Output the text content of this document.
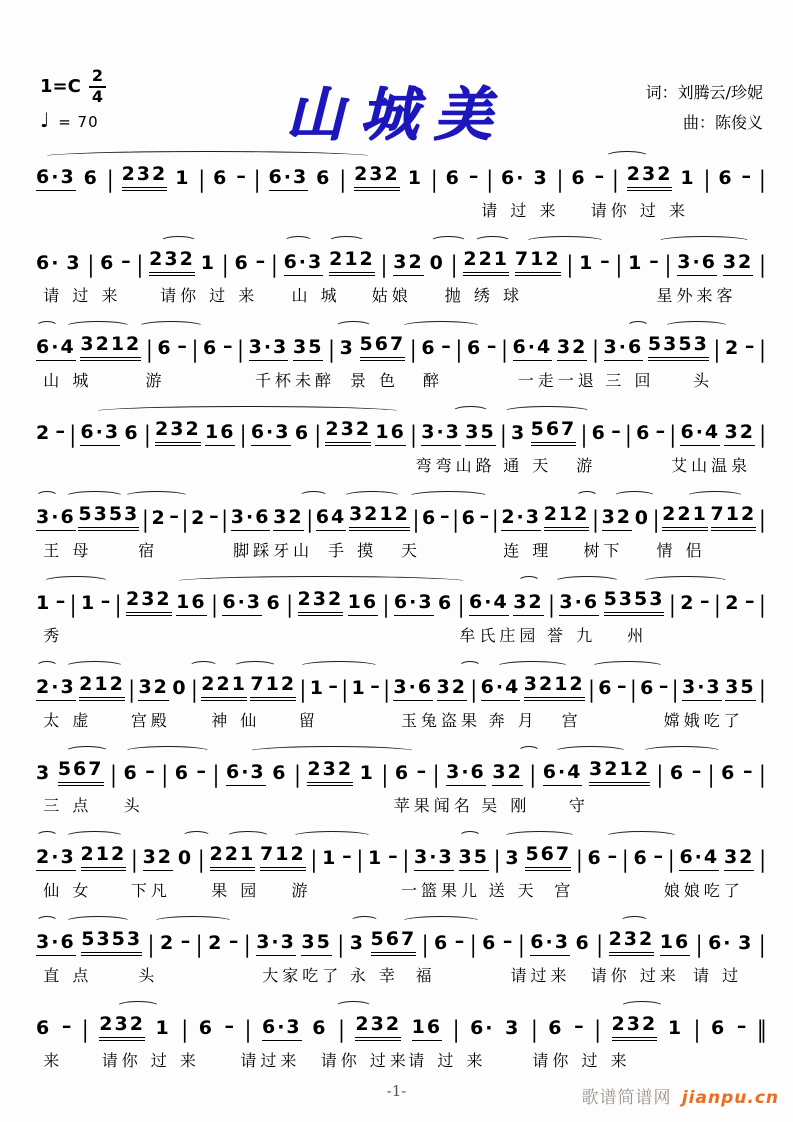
山城美
$1=C \frac{2}{4}$
♩ = 70
词：刘腾云/珍妮
曲：陈俊义
6·3 6 | 232 1 | 6 – | 6·3 6 | 232 1 | 6 – | 6· 3 | 6 – | 232 1 | 6 – |
请 过 来 请你 过 来
6· 3 | 6 – | 232 1 | 6 – | 6·3 212 | 32 0 | 221 712 | 1 – | 1 – | 3·6 32 |
请 过 来 请你 过 来 山 城 姑娘 抛 绣 球	星外来客
6·4 3212 | 6 – | 6 – | 3·3 35 | 3 567 | 6 – | 6 – | 6·4 32 | 3·6 5353 | 2 – |
山 城	游	千杯未醉 景 色 醉	一走一退 三 回 头
2 – | 6·3 6 | 232 16 | 6·3 6 | 232 16 | 3·3 35 | 3 567 | 6 – | 6 – | 6·4 32 |
弯弯山路 通 天 游	艾山温泉
3·6 5353 | 2 – | 2 – | 3·6 32 | 64 3212 | 6 – | 6 – | 2·3 212 | 32 0 | 221 712 |
王 母	宿	脚踩牙山 手 摸 天	连 理 树下 情 侣
1 – | 1 – | 232 16 | 6·3 6 | 232 16 | 6·3 6 | 6·4 32 | 3·6 5353 | 2 – | 2 – |
秀	牟氏庄园 誉 九 州
2·3 212 | 32 0 | 221 712 | 1 – | 1 – | 3·6 32 | 6·4 3212 | 6 – | 6 – | 3·3 35 |
太 虚 宫殿	神 仙 留	玉兔盗果 奔 月 宫	嫦娥吃了
3 567 | 6 – | 6 – | 6·3 6 | 232 1 | 6 – | 3·6 32 | 6·4 3212 | 6 – | 6 – |
三 点 头	苹果闻名 吴 刚 守
2·3 212 | 32 0 | 221 712 | 1 – | 1 – | 3·3 35 | 3 567 | 6 – | 6 – | 6·4 32 |
仙 女 下凡	果 园 游	一篮果儿 送 天 宫	娘娘吃了
3·6 5353 | 2 – | 2 – | 3·3 35 | 3 567 | 6 – | 6 – | 6·3 6 | 232 16 | 6· 3 |
直 点	头	大家吃了 永 幸 福	请过来 请你 过来 请 过
6 – | 232 1 | 6 – | 6·3 6 | 232 16 | 6· 3 | 6 – | 232 1 | 6 – ‖
来 请你 过 来	请过来 请你 过来
请 过 来	请你 过 来
-1-	歌谱简谱网 jianpu.cn
